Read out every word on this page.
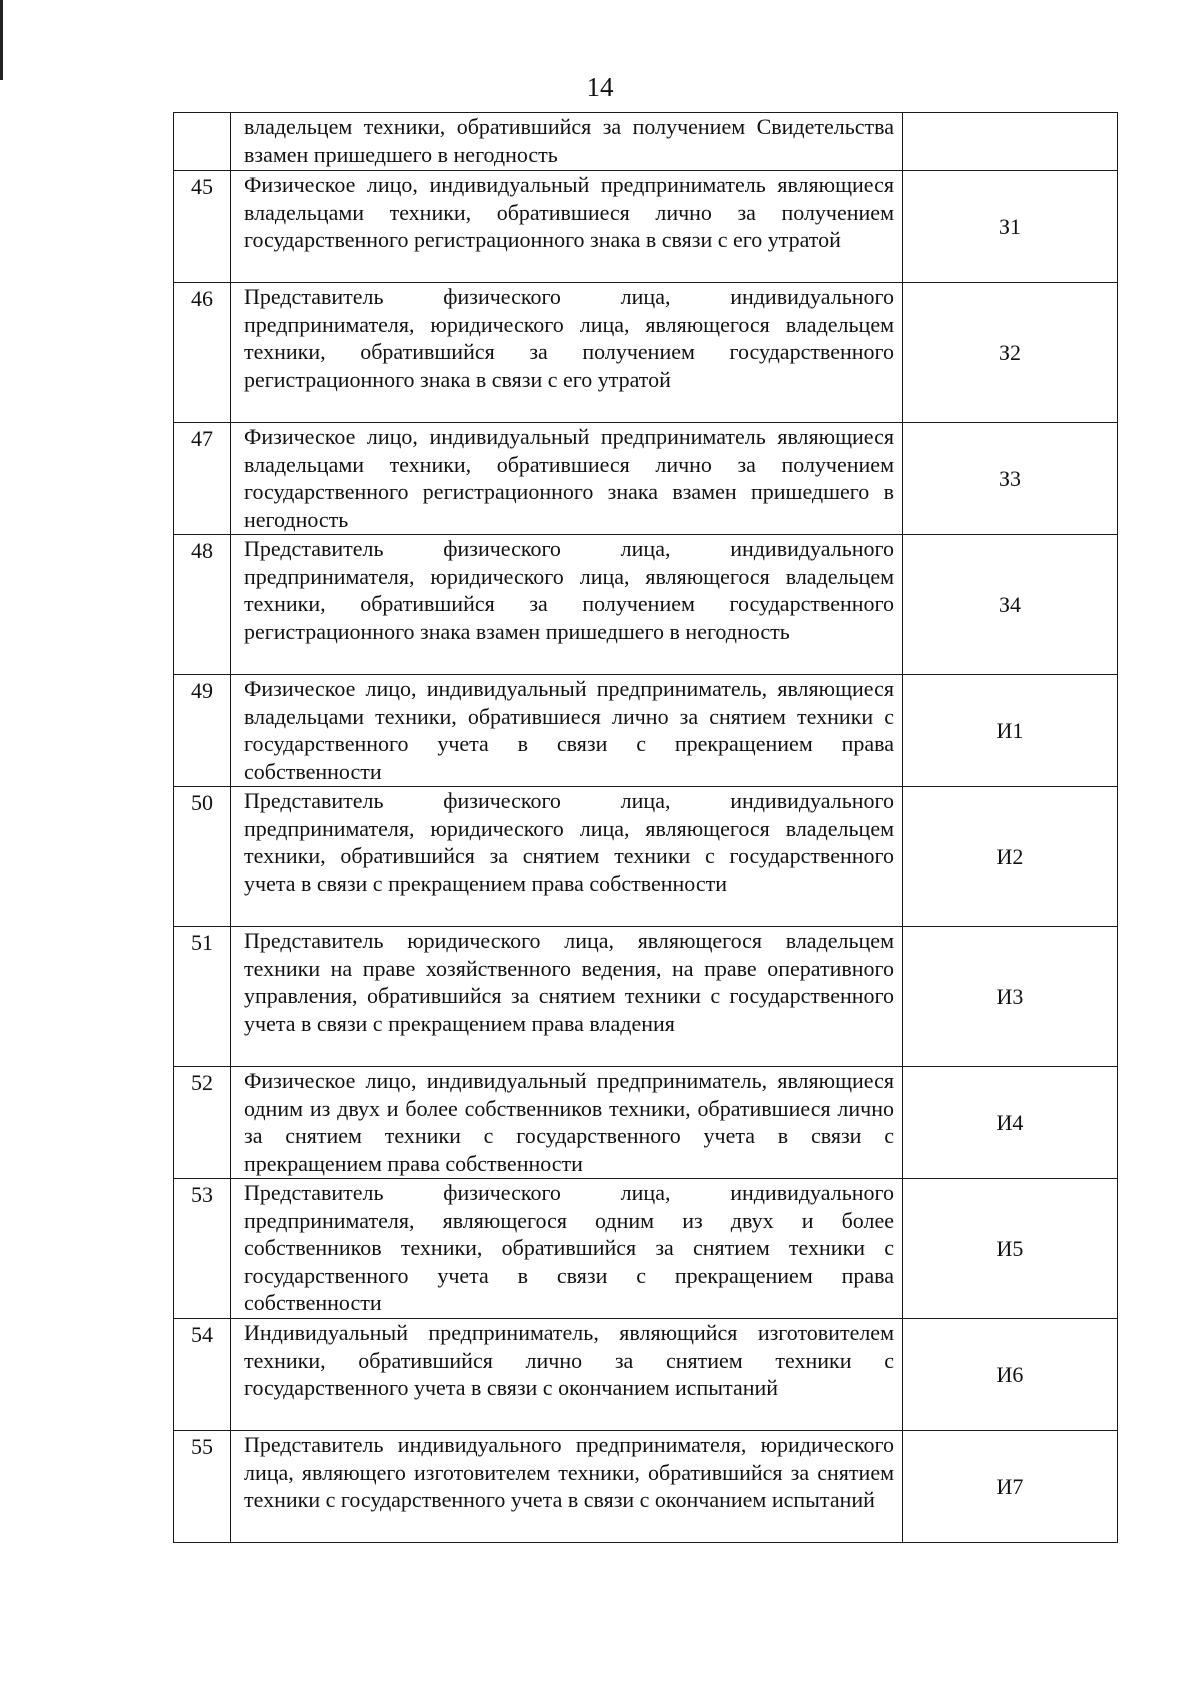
14
	владельцем техники, обратившийся за получением Свидетельства взамен пришедшего в негодность	
45	Физическое лицо, индивидуальный предприниматель являющиеся владельцами техники, обратившиеся лично за получением государственного регистрационного знака в связи с его утратой	З1
46	Представитель физического лица, индивидуального предпринимателя, юридического лица, являющегося владельцем техники, обратившийся за получением государственного регистрационного знака в связи с его утратой	З2
47	Физическое лицо, индивидуальный предприниматель являющиеся владельцами техники, обратившиеся лично за получением государственного регистрационного знака взамен пришедшего в негодность	З3
48	Представитель физического лица, индивидуального предпринимателя, юридического лица, являющегося владельцем техники, обратившийся за получением государственного регистрационного знака взамен пришедшего в негодность	З4
49	Физическое лицо, индивидуальный предприниматель, являющиеся владельцами техники, обратившиеся лично за снятием техники с государственного учета в связи с прекращением права собственности	И1
50	Представитель физического лица, индивидуального предпринимателя, юридического лица, являющегося владельцем техники, обратившийся за снятием техники с государственного учета в связи с прекращением права собственности	И2
51	Представитель юридического лица, являющегося владельцем техники на праве хозяйственного ведения, на праве оперативного управления, обратившийся за снятием техники с государственного учета в связи с прекращением права владения	И3
52	Физическое лицо, индивидуальный предприниматель, являющиеся одним из двух и более собственников техники, обратившиеся лично за снятием техники с государственного учета в связи с прекращением права собственности	И4
53	Представитель физического лица, индивидуального предпринимателя, являющегося одним из двух и более собственников техники, обратившийся за снятием техники с государственного учета в связи с прекращением права собственности	И5
54	Индивидуальный предприниматель, являющийся изготовителем техники, обратившийся лично за снятием техники с государственного учета в связи с окончанием испытаний	И6
55	Представитель индивидуального предпринимателя, юридического лица, являющего изготовителем техники, обратившийся за снятием техники с государственного учета в связи с окончанием испытаний	И7
